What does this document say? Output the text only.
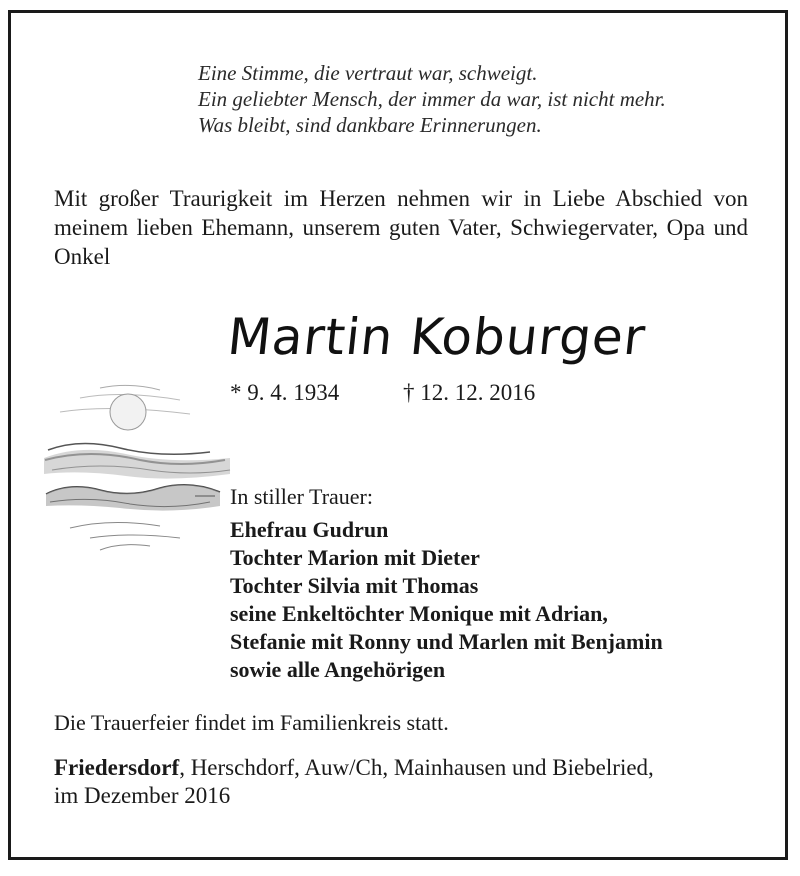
Eine Stimme, die vertraut war, schweigt.
Ein geliebter Mensch, der immer da war, ist nicht mehr.
Was bleibt, sind dankbare Erinnerungen.
Mit großer Traurigkeit im Herzen nehmen wir in Liebe Abschied von meinem lieben Ehemann, unserem guten Vater, Schwiegervater, Opa und Onkel
Martin Koburger
* 9. 4. 1934	† 12. 12. 2016
In stiller Trauer:
Ehefrau Gudrun
Tochter Marion mit Dieter
Tochter Silvia mit Thomas
seine Enkeltöchter Monique mit Adrian,
Stefanie mit Ronny und Marlen mit Benjamin
sowie alle Angehörigen
Die Trauerfeier findet im Familienkreis statt.
Friedersdorf, Herschdorf, Auw/Ch, Mainhausen und Biebelried,
im Dezember 2016
